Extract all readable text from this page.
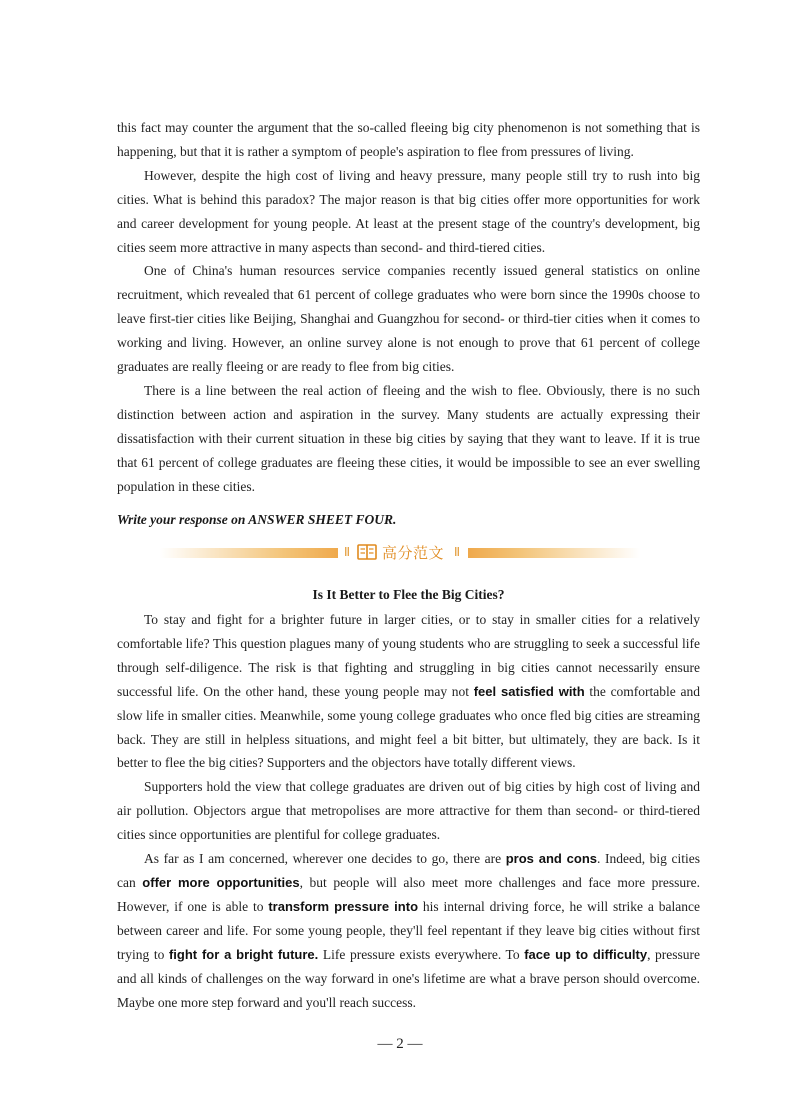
this fact may counter the argument that the so-called fleeing big city phenomenon is not something that is happening, but that it is rather a symptom of people's aspiration to flee from pressures of living.

However, despite the high cost of living and heavy pressure, many people still try to rush into big cities. What is behind this paradox? The major reason is that big cities offer more opportunities for work and career development for young people. At least at the present stage of the country's development, big cities seem more attractive in many aspects than second- and third-tiered cities.

One of China's human resources service companies recently issued general statistics on online recruitment, which revealed that 61 percent of college graduates who were born since the 1990s choose to leave first-tier cities like Beijing, Shanghai and Guangzhou for second- or third-tier cities when it comes to working and living. However, an online survey alone is not enough to prove that 61 percent of college graduates are really fleeing or are ready to flee from big cities.

There is a line between the real action of fleeing and the wish to flee. Obviously, there is no such distinction between action and aspiration in the survey. Many students are actually expressing their dissatisfaction with their current situation in these big cities by saying that they want to leave. If it is true that 61 percent of college graduates are fleeing these cities, it would be impossible to see an ever swelling population in these cities.

Write your response on ANSWER SHEET FOUR.
II 高分范文 II
Is It Better to Flee the Big Cities?

To stay and fight for a brighter future in larger cities, or to stay in smaller cities for a relatively comfortable life? This question plagues many of young students who are struggling to seek a successful life through self-diligence. The risk is that fighting and struggling in big cities cannot necessarily ensure successful life. On the other hand, these young people may not feel satisfied with the comfortable and slow life in smaller cities. Meanwhile, some young college graduates who once fled big cities are streaming back. They are still in helpless situations, and might feel a bit bitter, but ultimately, they are back. Is it better to flee the big cities? Supporters and the objectors have totally different views.

Supporters hold the view that college graduates are driven out of big cities by high cost of living and air pollution. Objectors argue that metropolises are more attractive for them than second- or third-tiered cities since opportunities are plentiful for college graduates.

As far as I am concerned, wherever one decides to go, there are pros and cons. Indeed, big cities can offer more opportunities, but people will also meet more challenges and face more pressure. However, if one is able to transform pressure into his internal driving force, he will strike a balance between career and life. For some young people, they'll feel repentant if they leave big cities without first trying to fight for a bright future. Life pressure exists everywhere. To face up to difficulty, pressure and all kinds of challenges on the way forward in one's lifetime are what a brave person should overcome. Maybe one more step forward and you'll reach success.

— 2 —
